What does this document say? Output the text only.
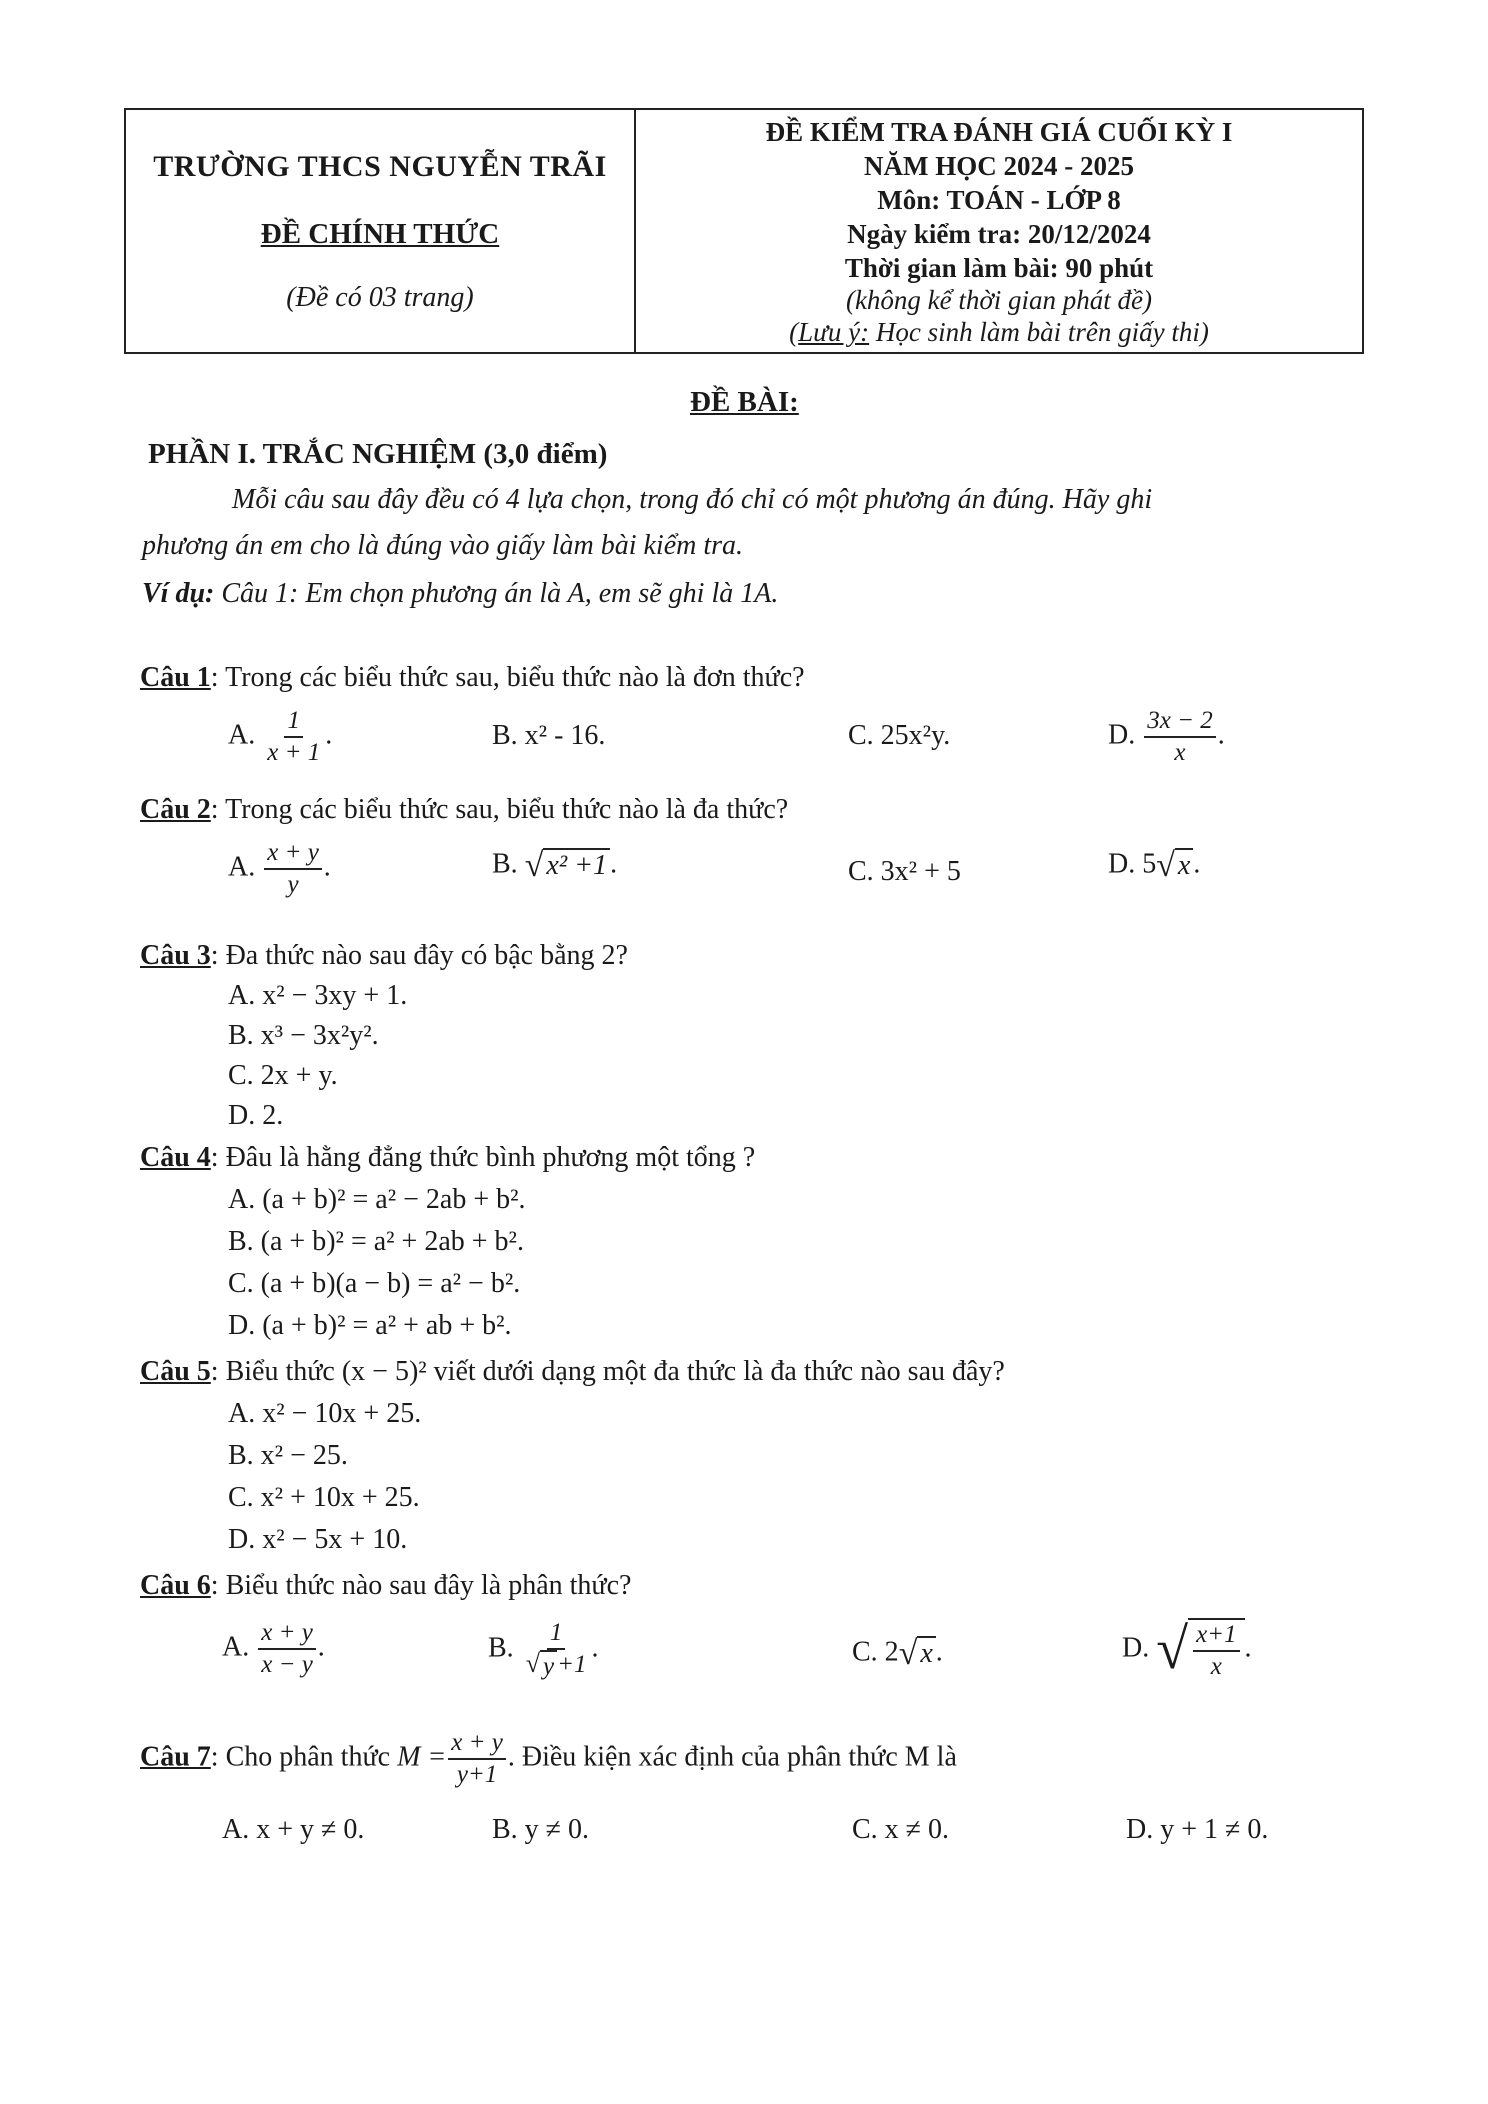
TRƯỜNG THCS NGUYỄN TRÃI
ĐỀ CHÍNH THỨC
(Đề có 03 trang)
ĐỀ KIỂM TRA ĐÁNH GIÁ CUỐI KỲ I
NĂM HỌC 2024 - 2025
Môn: TOÁN - LỚP 8
Ngày kiểm tra: 20/12/2024
Thời gian làm bài: 90 phút
(không kể thời gian phát đề)
(Lưu ý: Học sinh làm bài trên giấy thi)
ĐỀ BÀI:
PHẦN I. TRẮC NGHIỆM (3,0 điểm)
Mỗi câu sau đây đều có 4 lựa chọn, trong đó chỉ có một phương án đúng. Hãy ghi
phương án em cho là đúng vào giấy làm bài kiểm tra.
Ví dụ: Câu 1: Em chọn phương án là A, em sẽ ghi là 1A.
Câu 1: Trong các biểu thức sau, biểu thức nào là đơn thức?
A. $\frac{1}{x + 1}$ .	B. x² - 16.	C. 25x²y.	D. $\frac{3x - 2}{x}$ .
Câu 2: Trong các biểu thức sau, biểu thức nào là đa thức?
A. $\frac{x + y}{y}$ .	B. √ x² +1 .	C. 3x² + 5	D. 5 √ x .
Câu 3: Đa thức nào sau đây có bậc bằng 2?
A. x² − 3xy + 1.
B. x³ − 3x²y².
C. 2x + y.
D. 2.
Câu 4: Đâu là hằng đẳng thức bình phương một tổng ?
A. (a + b)² = a² − 2ab + b².
B. (a + b)² = a² + 2ab + b².
C. (a + b)(a − b) = a² − b².
D. (a + b)² = a² + ab + b².
Câu 5: Biểu thức (x − 5)² viết dưới dạng một đa thức là đa thức nào sau đây?
A. x² − 10x + 25.
B. x² − 25.
C. x² + 10x + 25.
D. x² − 5x + 10.
Câu 6: Biểu thức nào sau đây là phân thức?
A. $\frac{x + y}{x - y}$ .	B. $\frac{1}{√ y +1}$ .	C. 2 √ x .	D. √ $\frac{x+1}{x}$ .
Câu 7: Cho phân thức $M = \frac{x + y}{y+1}$ . Điều kiện xác định của phân thức M là
A. x + y ≠ 0.	B. y ≠ 0.	C. x ≠ 0.	D. y + 1 ≠ 0.
